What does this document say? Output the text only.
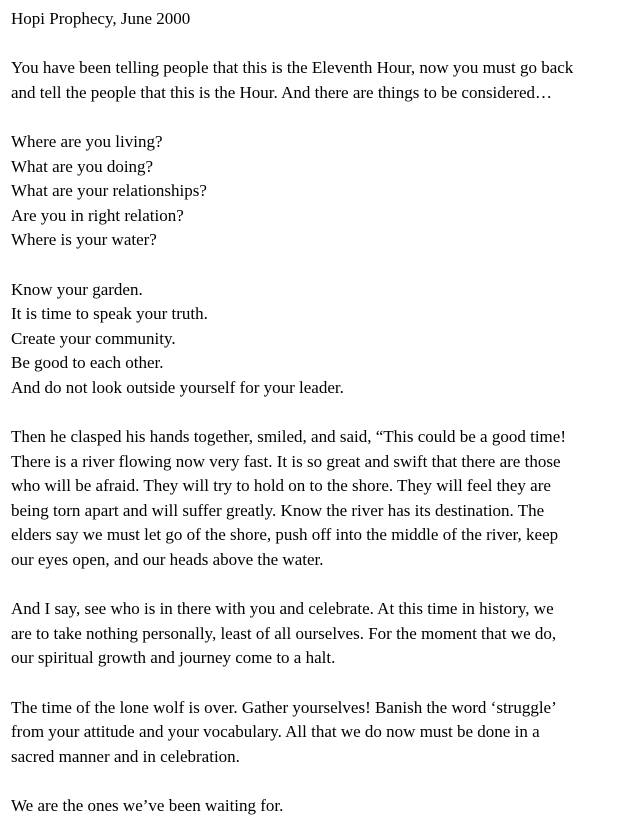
Hopi Prophecy, June 2000
You have been telling people that this is the Eleventh Hour, now you must go back
and tell the people that this is the Hour. And there are things to be considered…
Where are you living?
What are you doing?
What are your relationships?
Are you in right relation?
Where is your water?
Know your garden.
It is time to speak your truth.
Create your community.
Be good to each other.
And do not look outside yourself for your leader.
Then he clasped his hands together, smiled, and said, “This could be a good time!
There is a river flowing now very fast. It is so great and swift that there are those
who will be afraid. They will try to hold on to the shore. They will feel they are
being torn apart and will suffer greatly. Know the river has its destination. The
elders say we must let go of the shore, push off into the middle of the river, keep
our eyes open, and our heads above the water.
And I say, see who is in there with you and celebrate. At this time in history, we
are to take nothing personally, least of all ourselves. For the moment that we do,
our spiritual growth and journey come to a halt.
The time of the lone wolf is over. Gather yourselves! Banish the word ‘struggle’
from your attitude and your vocabulary. All that we do now must be done in a
sacred manner and in celebration.
We are the ones we’ve been waiting for.
